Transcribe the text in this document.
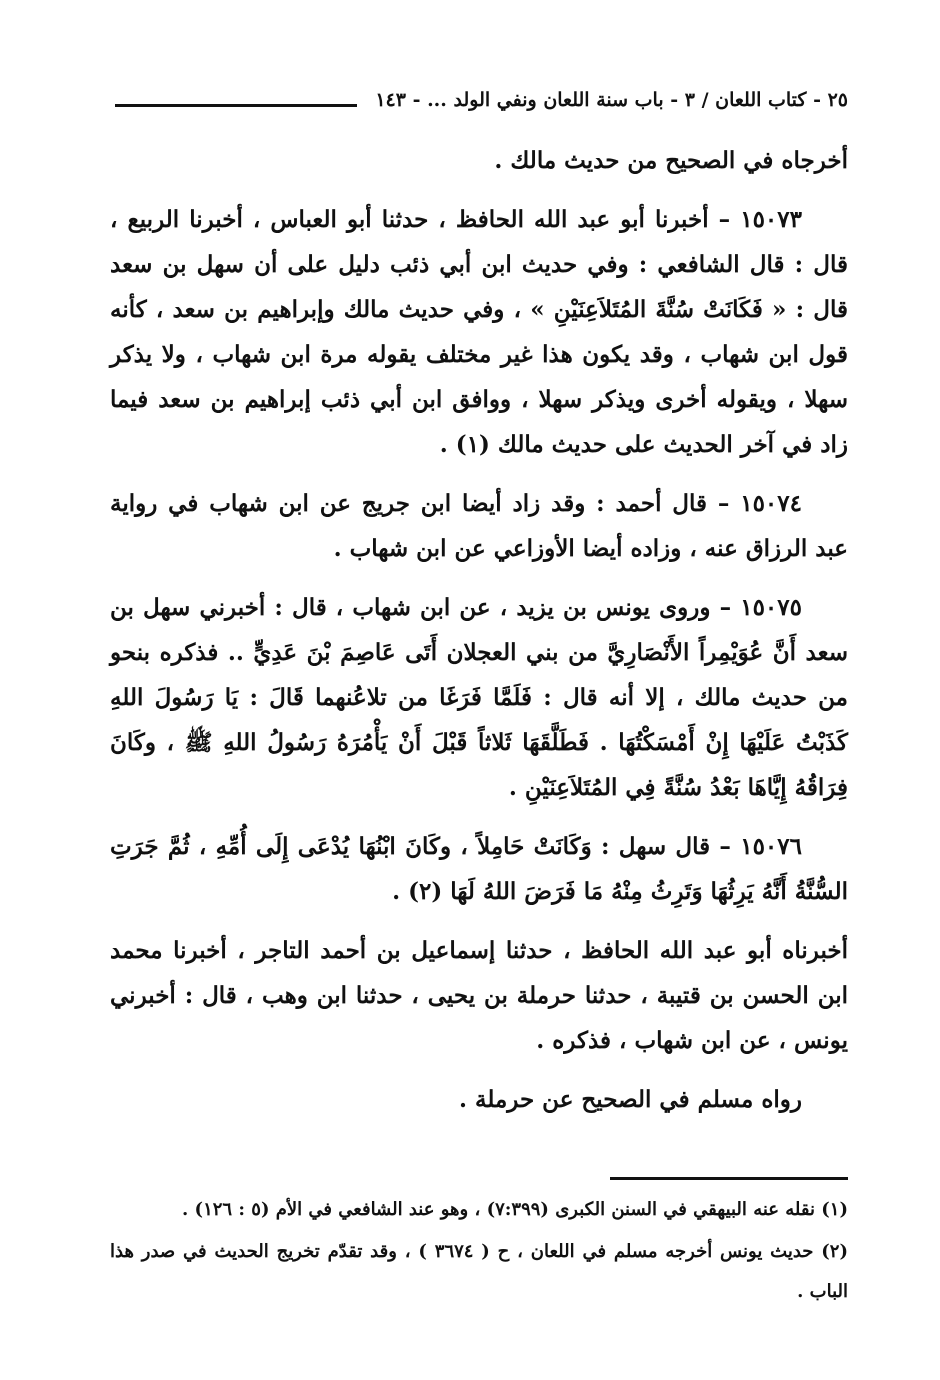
٢٥ - كتاب اللعان / ٣ - باب سنة اللعان ونفي الولد ... - ١٤٣

أخرجاه في الصحيح من حديث مالك .

١٥٠٧٣ – أخبرنا أبو عبد الله الحافظ ، حدثنا أبو العباس ، أخبرنا الربيع ، قال : قال الشافعي : وفي حديث ابن أبي ذئب دليل على أن سهل بن سعد قال : « فَكَانَتْ سُنَّةَ المُتَلاَعِنَيْنِ » ، وفي حديث مالك وإبراهيم بن سعد ، كأنه قول ابن شهاب ، وقد يكون هذا غير مختلف يقوله مرة ابن شهاب ، ولا يذكر سهلا ، ويقوله أخرى ويذكر سهلا ، ووافق ابن أبي ذئب إبراهيم بن سعد فيما زاد في آخر الحديث على حديث مالك (١) .

١٥٠٧٤ – قال أحمد : وقد زاد أيضا ابن جريج عن ابن شهاب في رواية عبد الرزاق عنه ، وزاده أيضا الأوزاعي عن ابن شهاب .

١٥٠٧٥ – وروى يونس بن يزيد ، عن ابن شهاب ، قال : أخبرني سهل بن سعد أَنَّ عُوَيْمِراً الأَنْصَارِيَّ من بني العجلان أَتَى عَاصِمَ بْنَ عَدِيٍّ .. فذكره بنحو من حديث مالك ، إلا أنه قال : فَلَمَّا فَرَغَا من تلاعُنهما قَالَ : يَا رَسُولَ اللهِ كَذَبْتُ عَلَيْهَا إِنْ أَمْسَكْتُهَا . فَطَلَّقَهَا ثَلاثاً قَبْلَ أَنْ يَأْمُرَهُ رَسُولُ اللهِ ﷺ ، وكَانَ فِرَاقُهُ إِيَّاهَا بَعْدُ سُنَّةً فِي المُتَلاَعِنَيْنِ .

١٥٠٧٦ – قال سهل : وَكَانَتْ حَامِلاً ، وكَانَ ابْنُهَا يُدْعَى إِلَى أُمِّهِ ، ثُمَّ جَرَتِ السُّنَّةُ أَنَّهُ يَرِثُهَا وَتَرِثُ مِنْهُ مَا فَرَضَ اللهُ لَهَا (٢) .

أخبرناه أبو عبد الله الحافظ ، حدثنا إسماعيل بن أحمد التاجر ، أخبرنا محمد ابن الحسن بن قتيبة ، حدثنا حرملة بن يحيى ، حدثنا ابن وهب ، قال : أخبرني يونس ، عن ابن شهاب ، فذكره .

رواه مسلم في الصحيح عن حرملة .

(١) نقله عنه البيهقي في السنن الكبرى (٧:٣٩٩) ، وهو عند الشافعي في الأم (٥ : ١٢٦) .

(٢) حديث يونس أخرجه مسلم في اللعان ، ح ( ٣٦٧٤ ) ، وقد تقدّم تخريج الحديث في صدر هذا الباب .
